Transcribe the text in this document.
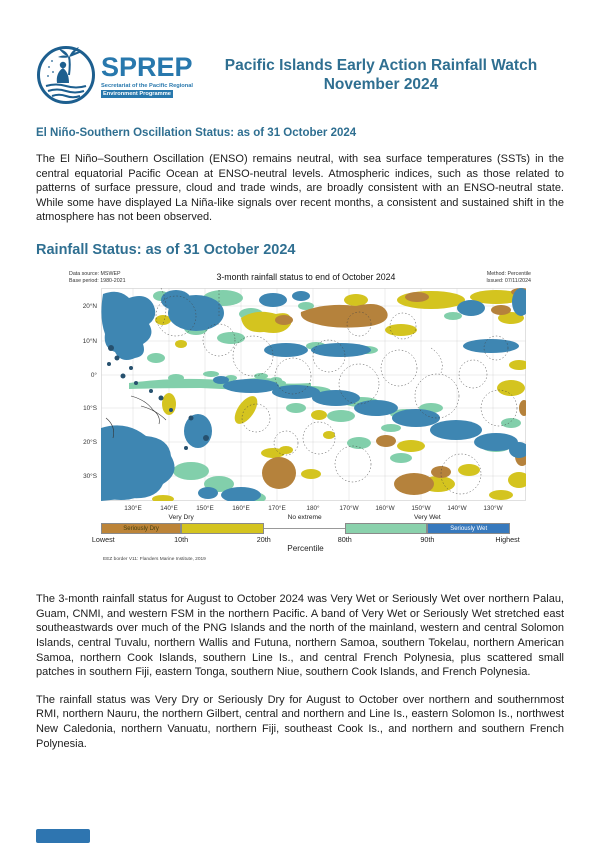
SPREP
Secretariat of the Pacific Regional
Environment Programme
Pacific Islands Early Action Rainfall Watch
November 2024
El Niño-Southern Oscillation Status: as of 31 October 2024

The El Niño–Southern Oscillation (ENSO) remains neutral, with sea surface temperatures (SSTs) in the central equatorial Pacific Ocean at ENSO-neutral levels. Atmospheric indices, such as those related to patterns of surface pressure, cloud and trade winds, are broadly consistent with an ENSO-neutral state. While some have displayed La Niña-like signals over recent months, a consistent and sustained shift in the atmosphere has not been observed.

Rainfall Status: as of 31 October 2024
Data source: MSWEP
Base period: 1980-2021	3-month rainfall status to end of October 2024	Method: Percentile
Issued: 07/11/2024
20°N
10°N
0°
10°S
20°S
30°S
130°E	140°E	150°E	160°E	170°E	180°	170°W	160°W	150°W	140°W	130°W
Very Dry	No extreme	Very Wet
Seriously Dry	Seriously Wet
Lowest	10th	20th	80th	90th	Highest
Percentile
EEZ border V11: Flanders Marine Institute, 2019

The 3-month rainfall status for August to October 2024 was Very Wet or Seriously Wet over northern Palau, Guam, CNMI, and western FSM in the northern Pacific. A band of Very Wet or Seriously Wet stretched east southeastwards over much of the PNG Islands and the north of the mainland, western and central Solomon Islands, central Tuvalu, northern Wallis and Futuna, northern Samoa, southern Tokelau, northern American Samoa, northern Cook Islands, southern Line Is., and central French Polynesia, plus scattered small patches in southern Fiji, eastern Tonga, southern Niue, southern Cook Islands, and French Polynesia.

The rainfall status was Very Dry or Seriously Dry for August to October over northern and southernmost RMI, northern Nauru, the northern Gilbert, central and northern and Line Is., eastern Solomon Is., northwest New Caledonia, northern Vanuatu, northern Fiji, southeast Cook Is., and northern and southern French Polynesia.
